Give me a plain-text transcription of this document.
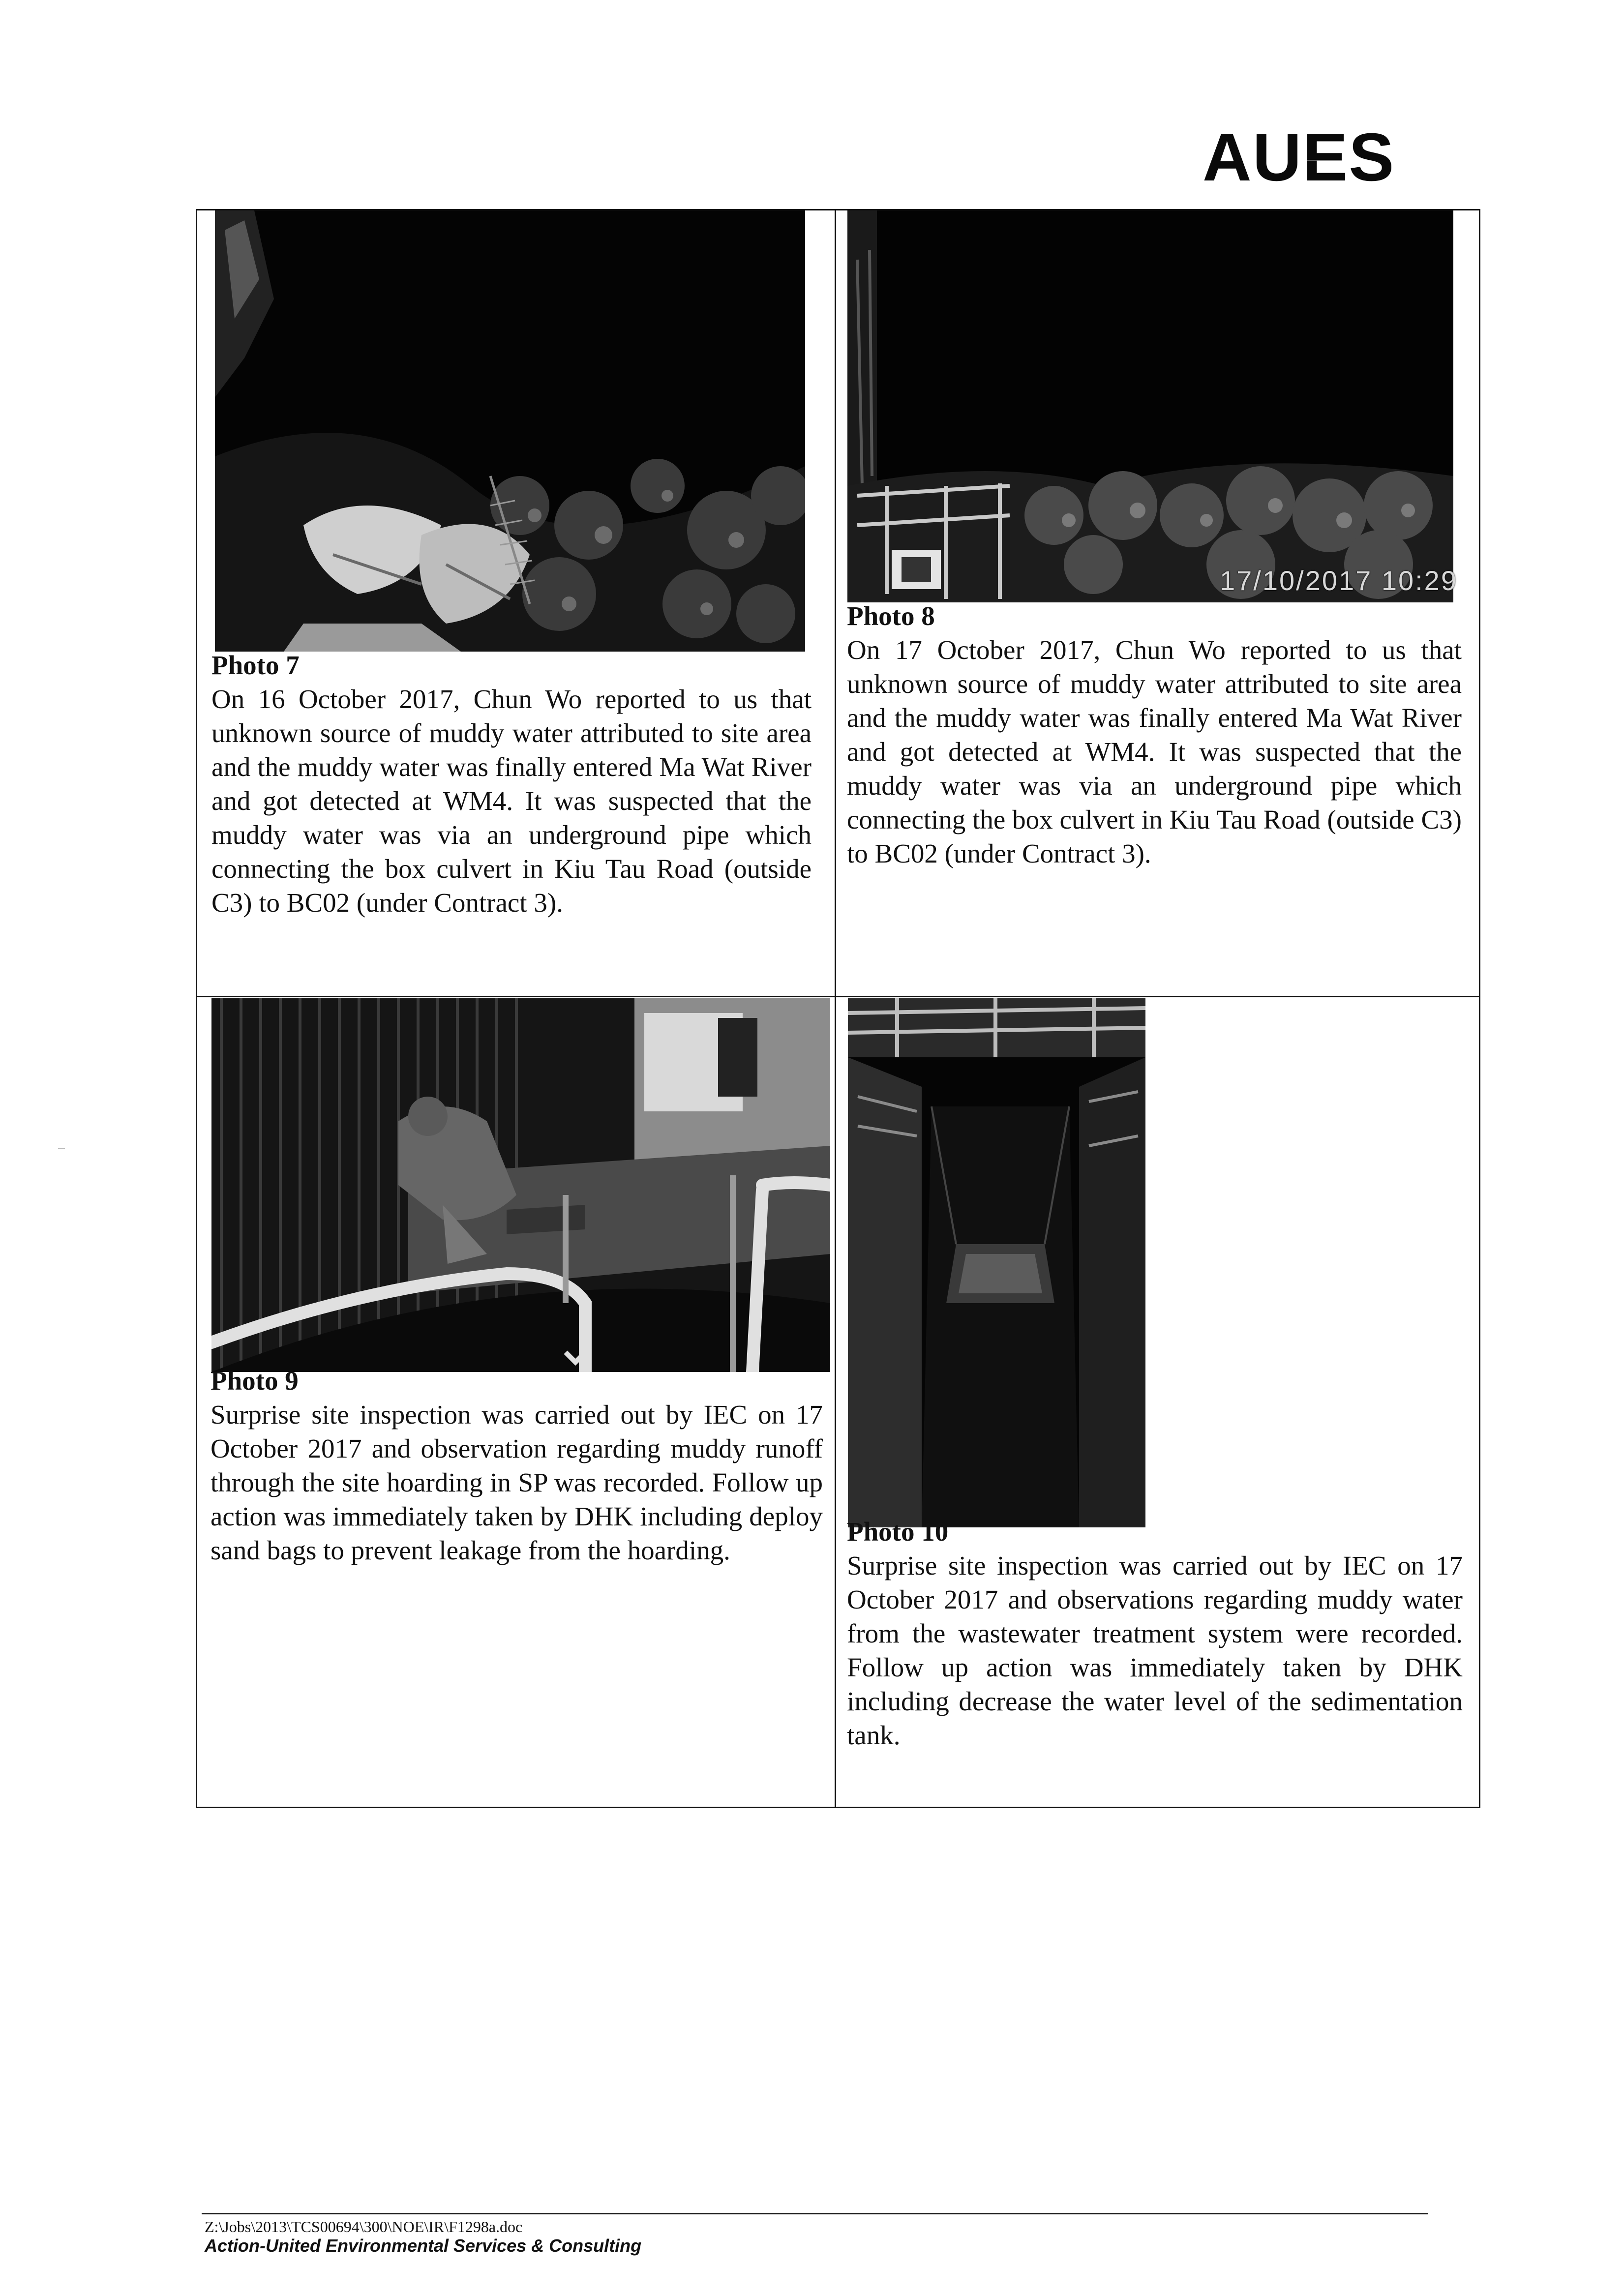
AUES
Photo 7
On 16 October 2017, Chun Wo reported to us that unknown source of muddy water attributed to site area and the muddy water was finally entered Ma Wat River and got detected at WM4. It was suspected that the muddy water was via an underground pipe which connecting the box culvert in Kiu Tau Road (outside C3) to BC02 (under Contract 3).
17/10/2017 10:29
Photo 8
On 17 October 2017, Chun Wo reported to us that unknown source of muddy water attributed to site area and the muddy water was finally entered Ma Wat River and got detected at WM4. It was suspected that the muddy water was via an underground pipe which connecting the box culvert in Kiu Tau Road (outside C3) to BC02 (under Contract 3).
Photo 9
Surprise site inspection was carried out by IEC on 17 October 2017 and observation regarding muddy runoff through the site hoarding in SP was recorded. Follow up action was immediately taken by DHK including deploy sand bags to prevent leakage from the hoarding.
Photo 10
Surprise site inspection was carried out by IEC on 17 October 2017 and observations regarding muddy water from the wastewater treatment system were recorded. Follow up action was immediately taken by DHK including decrease the water level of the sedimentation tank.
Z:\Jobs\2013\TCS00694\300\NOE\IR\F1298a.doc
Action-United Environmental Services & Consulting
